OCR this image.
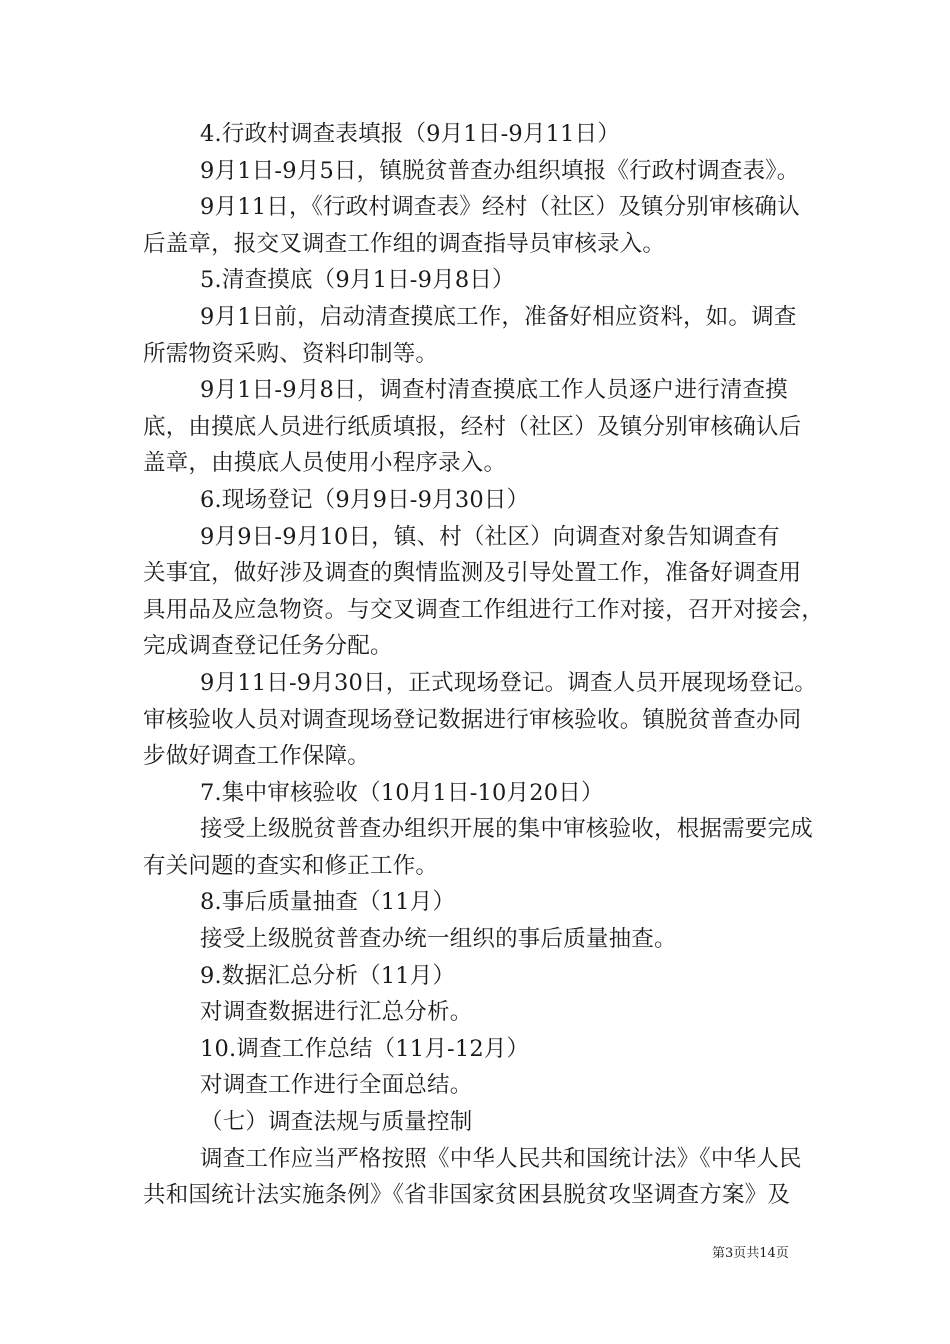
4.行政村调查表填报（9月1日-9月11日）
9月1日-9月5日，镇脱贫普查办组织填报《行政村调查表》。
9月11日，《行政村调查表》经村（社区）及镇分别审核确认
后盖章，报交叉调查工作组的调查指导员审核录入。
5.清查摸底（9月1日-9月8日）
9月1日前，启动清查摸底工作，准备好相应资料，如。调查
所需物资采购、资料印制等。
9月1日-9月8日，调查村清查摸底工作人员逐户进行清查摸
底，由摸底人员进行纸质填报，经村（社区）及镇分别审核确认后
盖章，由摸底人员使用小程序录入。
6.现场登记（9月9日-9月30日）
9月9日-9月10日，镇、村（社区）向调查对象告知调查有
关事宜，做好涉及调查的舆情监测及引导处置工作，准备好调查用
具用品及应急物资。与交叉调查工作组进行工作对接，召开对接会，
完成调查登记任务分配。
9月11日-9月30日，正式现场登记。调查人员开展现场登记。
审核验收人员对调查现场登记数据进行审核验收。镇脱贫普查办同
步做好调查工作保障。
7.集中审核验收（10月1日-10月20日）
接受上级脱贫普查办组织开展的集中审核验收，根据需要完成
有关问题的查实和修正工作。
8.事后质量抽查（11月）
接受上级脱贫普查办统一组织的事后质量抽查。
9.数据汇总分析（11月）
对调查数据进行汇总分析。
10.调查工作总结（11月-12月）
对调查工作进行全面总结。
（七）调查法规与质量控制
调查工作应当严格按照《中华人民共和国统计法》《中华人民
共和国统计法实施条例》《省非国家贫困县脱贫攻坚调查方案》及
第3页共14页
